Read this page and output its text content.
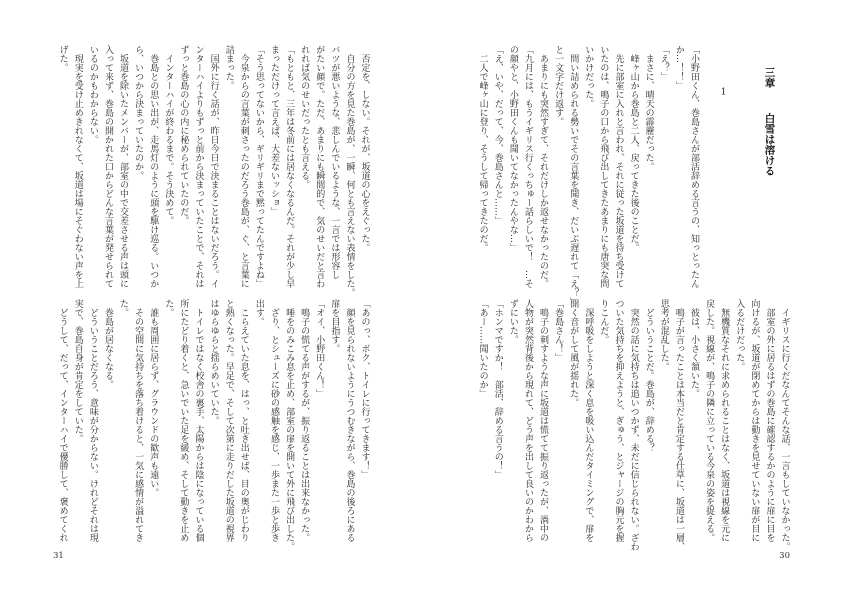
　否定を、しない。それが、坂道の心をえぐった。
　自分の方を見た巻島が、一瞬、何とも言えない表情をした。
バツが悪いような、悲しんでいるような、一言では形容し
がたい顔で。ただ、あまりにも瞬間的で、気のせいだと言わ
れれば気のせいだったとも言える。
「もともと、三年は冬前には居なくなるんだ。それが少し早
まっただけって言えば、大差ないッショ」
「そう思ってないから、ギリギリまで黙ってたんですよね」
　今泉からの言葉が刺さったのだろう巻島が、ぐ、と言葉に
詰まった。
　国外に行く話が、昨日今日で決まることはないだろう。イ
ンターハイよりもずっと前から決まっていたことで、それは
ずっと巻島の心の内に秘められていたのだ。
　インターハイが終わるまで。そう決めて。
　巻島との思い出が、走馬灯のように頭を駆け巡る。いつか
ら、いつから決まっていたのか。
　坂道を除いたメンバーが、部室の中で交差させる声は頭に
入って来ず、巻島の開かれた口からどんな言葉が発せられて
いるのかもわからない。
　現実を受け止めきれなくて、坂道は場にそぐわない声を上
げた。
「あのっ、ボク、トイレに行ってきます！」
　顔を見られないようにうつむきながら、巻島の後ろにある
扉を目指す。
「オイ、小野田くん！」
　鳴子の慌てる声がするが、振り返ることは出来なかった。
　唾をのみこみ息を止め、部室の扉を開いて外に飛び出した。
　ざり、とシューズに砂の感触を感じ、一歩また一歩と歩き
出す。
　こらえていた息を、はっ、と吐き出せば、目の奥がじわり
と熱くなった。早足で、そして次第に走りだした坂道の視界
はゆらゆらと揺らめいていた。
　トイレではなく校舎の裏手、太陽からは陰になっている個
所にたどり着くと、急いでいた足を緩め、そして動きを止め
た。
　誰も周囲に居らず、グラウンドの歓声も遠い。
　その空間に気持ちを落ち着けると、一気に感情が溢れてき
た。
　巻島が居なくなる。
　どういうことだろう、意味が分からない。けれどそれは現
実で、巻島自身が肯定をしていた。
　どうして、だって、インターハイで優勝して、褒めてくれ
31
三章白雪は溶ける
1
「小野田くん、巻島さんが部活辞める言うの、知っとったん
か…！！」
「え？」
　まさに、晴天の霹靂だった。
　峰ヶ山から巻島と二人、戻ってきた後のことだ。
　先に部室に入れと言われ、それに従った坂道を待ち受けて
いたのは、鳴子の口から飛び出してきたあまりにも唐突な問
いかけだった。
　問い詰められる勢いでその言葉を聞き、だいぶ遅れて「え？」
と一文字だけ返す。
　あまりにも突然すぎて、それだけしか返せなかったのだ。
「九月には、もうイギリス行くっちゅー話らしいで！　…そ
の顔やと、小野田くんも聞いてなかったんやな…」
「え、いや、だって、今、巻島さんと……」
　二人で峰ヶ山に登り、そうして帰ってきたのだ。
　イギリスに行くだなんてそんな話、一言もしていなかった。
　部室の外に居るはずの巻島に確認するかのように扉に目を
向けるが、坂道が閉めてからは動きを見せていない扉が目に
入るだけだった。
　無機質なそれに求められることはなく、坂道は視線を元に
戻した。視線が、鳴子の隣に立っている今泉の姿を捉える。
　彼は、小さく頷いた。
　鳴子が言ったことは本当だと肯定する仕草に、坂道は一層、
思考が混乱した。
　どういうことだ。巻島が、辞める？
　突然の話に気持ちは追いつかず、未だに信じられない。ざわ
ついた気持ちを抑えようと、ぎゅう、とジャージの胸元を握
りこんだ。
　深呼吸をしようと深く息を吸い込んだタイミングで、扉を
開く音がして風が揺れた。
「巻島さん！」
　鳴子の刺すような声に坂道は慌てて振り返ったが、渦中の
人物が突然背後から現れて、どう声を出して良いのかわから
ずにいた。
「ホンマですか！　部活、辞める言うの！」
「あー……聞いたのか」
30
